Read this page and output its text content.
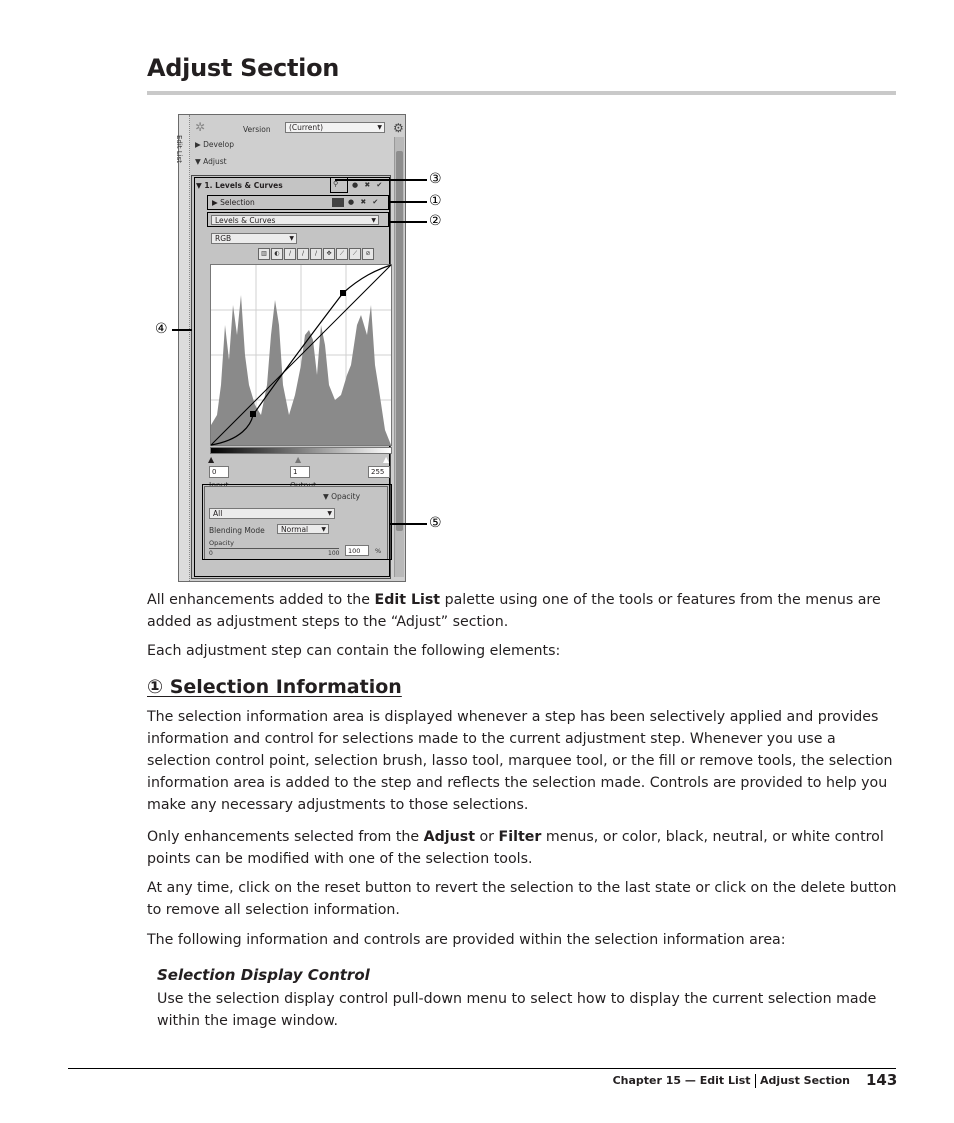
Adjust Section
Edit List
✲	Version	(Current) ▼	⚙
▶ Develop
▼ Adjust
▼ 1. Levels & Curves	⚲ ● ✖ ✔
▶ Selection	● ✖ ✔
Levels & Curves ▼
RGB ▼
▥	◐	/	/	/	✥	⟋	⟋	⊘
▲	▲	▲
0	1	255
▼ Opacity
All ▼
Blending Mode	Normal ▼
Opacity
0	100	100	%
③
①
②
④
⑤

All enhancements added to the Edit List palette using one of the tools or features from the menus are added as adjustment steps to the “Adjust” section.

Each adjustment step can contain the following elements:

① Selection Information

The selection information area is displayed whenever a step has been selectively applied and provides information and control for selections made to the current adjustment step. Whenever you use a selection control point, selection brush, lasso tool, marquee tool, or the fill or remove tools, the selection information area is added to the step and reflects the selection made. Controls are provided to help you make any necessary adjustments to those selections.

Only enhancements selected from the Adjust or Filter menus, or color, black, neutral, or white control points can be modified with one of the selection tools.

At any time, click on the reset button to revert the selection to the last state or click on the delete button to remove all selection information.

The following information and controls are provided within the selection information area:

Selection Display Control

Use the selection display control pull-down menu to select how to display the current selection made within the image window.

Chapter 15 — Edit List Adjust Section 143
